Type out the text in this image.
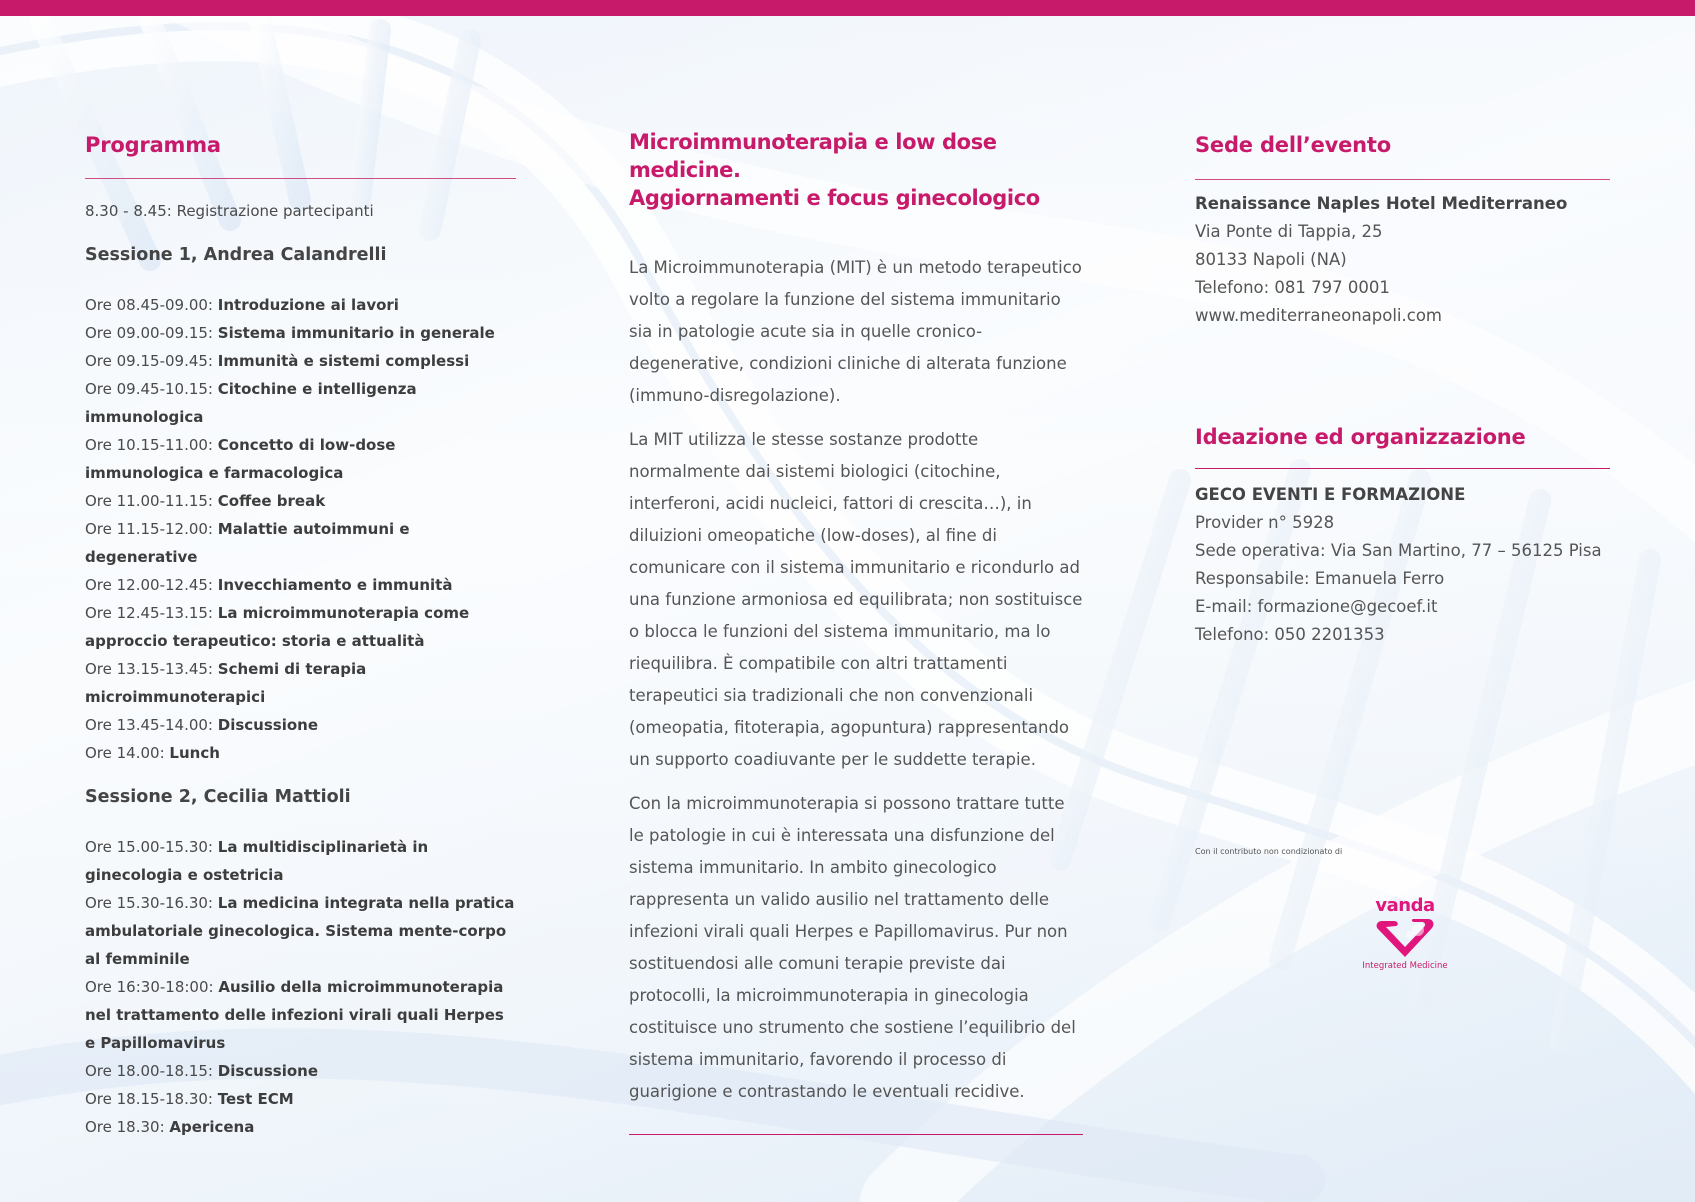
Programma
8.30 - 8.45: Registrazione partecipanti
Sessione 1, Andrea Calandrelli
Ore 08.45-09.00: Introduzione ai lavori
Ore 09.00-09.15: Sistema immunitario in generale
Ore 09.15-09.45: Immunità e sistemi complessi
Ore 09.45-10.15: Citochine e intelligenza immunologica
Ore 10.15-11.00: Concetto di low-dose immunologica e farmacologica
Ore 11.00-11.15: Coffee break
Ore 11.15-12.00: Malattie autoimmuni e degenerative
Ore 12.00-12.45: Invecchiamento e immunità
Ore 12.45-13.15: La microimmunoterapia come approccio terapeutico: storia e attualità
Ore 13.15-13.45: Schemi di terapia microimmunoterapici
Ore 13.45-14.00: Discussione
Ore 14.00: Lunch
Sessione 2, Cecilia Mattioli
Ore 15.00-15.30: La multidisciplinarietà in ginecologia e ostetricia
Ore 15.30-16.30: La medicina integrata nella pratica ambulatoriale ginecologica. Sistema mente-corpo al femminile
Ore 16:30-18:00: Ausilio della microimmunoterapia nel trattamento delle infezioni virali quali Herpes e Papillomavirus
Ore 18.00-18.15: Discussione
Ore 18.15-18.30: Test ECM
Ore 18.30: Apericena
Microimmunoterapia e low dose medicine.
Aggiornamenti e focus ginecologico

La Microimmunoterapia (MIT) è un metodo terapeutico volto a regolare la funzione del sistema immunitario sia in patologie acute sia in quelle cronico-degenerative, condizioni cliniche di alterata funzione (immuno-disregolazione).

La MIT utilizza le stesse sostanze prodotte normalmente dai sistemi biologici (citochine, interferoni, acidi nucleici, fattori di crescita…), in diluizioni omeopatiche (low-doses), al fine di comunicare con il sistema immunitario e ricondurlo ad una funzione armoniosa ed equilibrata; non sostituisce o blocca le funzioni del sistema immunitario, ma lo riequilibra. È compatibile con altri trattamenti terapeutici sia tradizionali che non convenzionali (omeopatia, fitoterapia, agopuntura) rappresentando un supporto coadiuvante per le suddette terapie.

Con la microimmunoterapia si possono trattare tutte le patologie in cui è interessata una disfunzione del sistema immunitario. In ambito ginecologico rappresenta un valido ausilio nel trattamento delle infezioni virali quali Herpes e Papillomavirus. Pur non sostituendosi alle comuni terapie previste dai protocolli, la microimmunoterapia in ginecologia costituisce uno strumento che sostiene l’equilibrio del sistema immunitario, favorendo il processo di guarigione e contrastando le eventuali recidive.

Sede dell’evento
Renaissance Naples Hotel Mediterraneo
Via Ponte di Tappia, 25
80133 Napoli (NA)
Telefono: 081 797 0001
www.mediterraneonapoli.com
Ideazione ed organizzazione
GECO EVENTI E FORMAZIONE
Provider n° 5928
Sede operativa: Via San Martino, 77 – 56125 Pisa
Responsabile: Emanuela Ferro
E-mail: formazione@gecoef.it
Telefono: 050 2201353
Con il contributo non condizionato di
vanda
Integrated Medicine
